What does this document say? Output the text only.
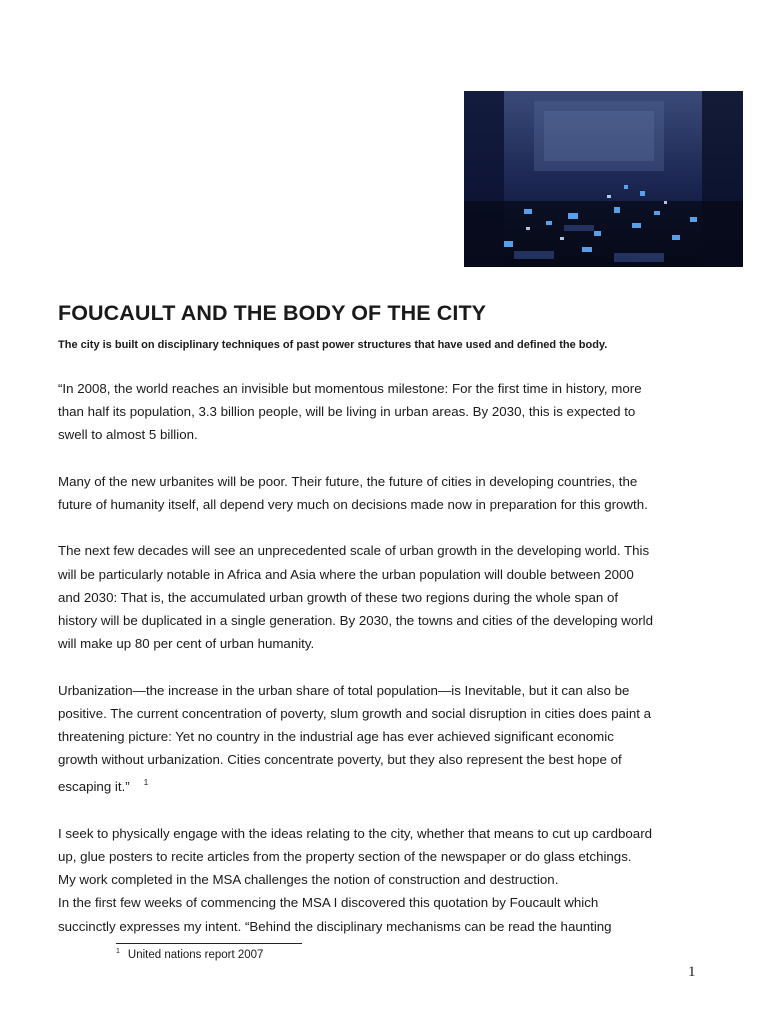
FOUCAULT AND THE BODY OF THE CITY

The city is built on disciplinary techniques of past power structures that have used and defined the body.

“In 2008, the world reaches an invisible but momentous milestone: For the first time in history, more
than half its population, 3.3 billion people, will be living in urban areas. By 2030, this is expected to
swell to almost 5 billion.

Many of the new urbanites will be poor. Their future, the future of cities in developing countries, the
future of humanity itself, all depend very much on decisions made now in preparation for this growth.

The next few decades will see an unprecedented scale of urban growth in the developing world. This
will be particularly notable in Africa and Asia where the urban population will double between 2000
and 2030: That is, the accumulated urban growth of these two regions during the whole span of
history will be duplicated in a single generation. By 2030, the towns and cities of the developing world
will make up 80 per cent of urban humanity.

Urbanization—the increase in the urban share of total population—is Inevitable, but it can also be
positive. The current concentration of poverty, slum growth and social disruption in cities does paint a
threatening picture: Yet no country in the industrial age has ever achieved significant economic
growth without urbanization. Cities concentrate poverty, but they also represent the best hope of
escaping it.” $^1$

I seek to physically engage with the ideas relating to the city, whether that means to cut up cardboard
up, glue posters to recite articles from the property section of the newspaper or do glass etchings.
My work completed in the MSA challenges the notion of construction and destruction.
In the first few weeks of commencing the MSA I discovered this quotation by Foucault which
succinctly expresses my intent. “Behind the disciplinary mechanisms can be read the haunting

$^1$ United nations report 2007
1
